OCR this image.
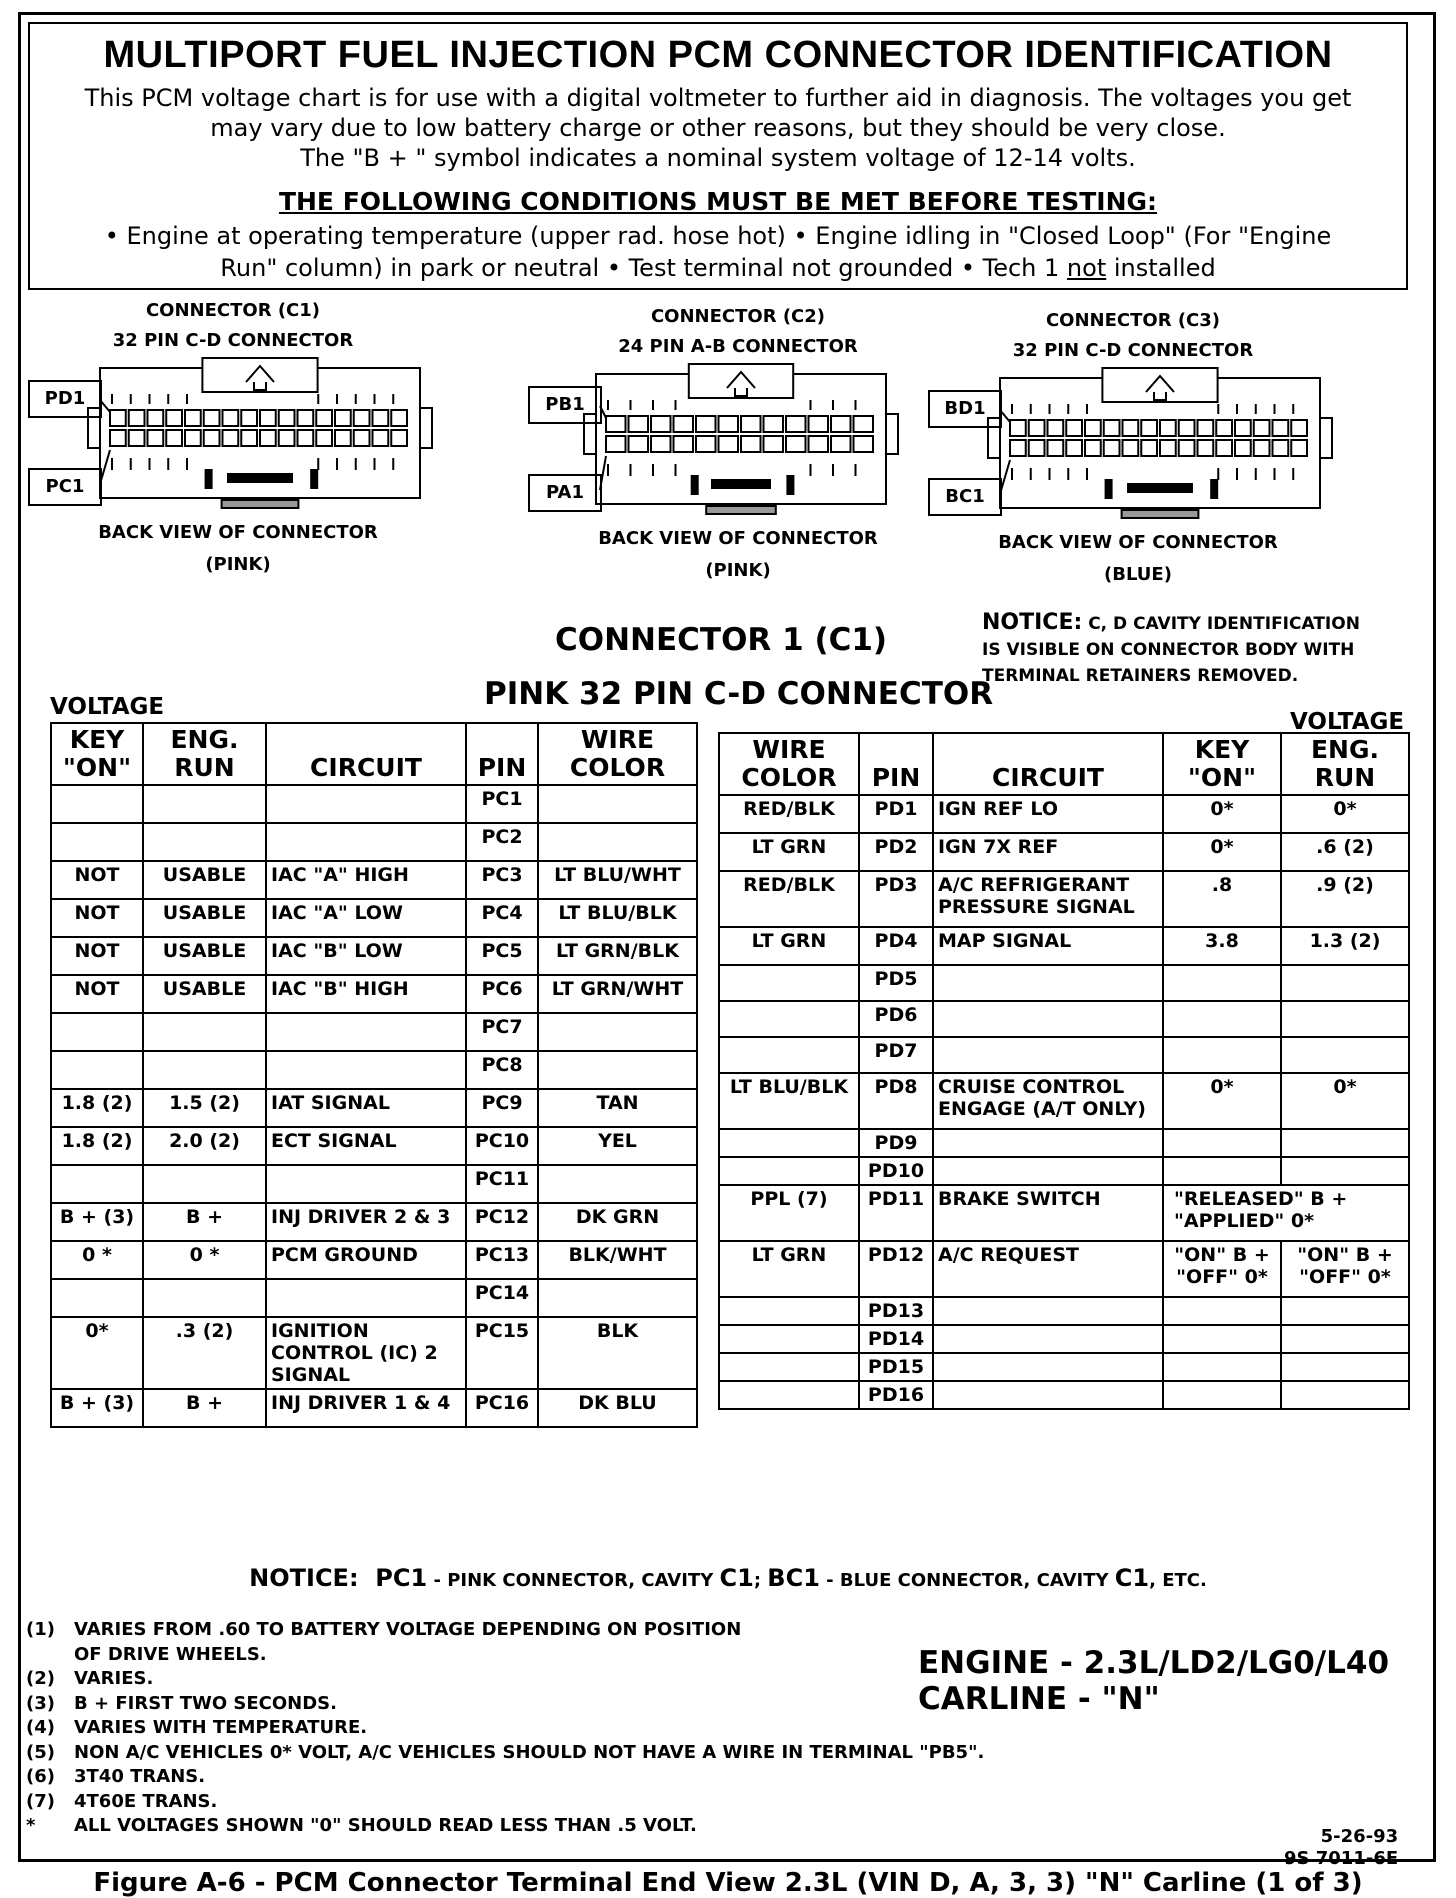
MULTIPORT FUEL INJECTION PCM CONNECTOR IDENTIFICATION
This PCM voltage chart is for use with a digital voltmeter to further aid in diagnosis. The voltages you get
may vary due to low battery charge or other reasons, but they should be very close.
The "B + " symbol indicates a nominal system voltage of 12-14 volts.
THE FOLLOWING CONDITIONS MUST BE MET BEFORE TESTING:
• Engine at operating temperature (upper rad. hose hot) • Engine idling in "Closed Loop" (For "Engine
Run" column) in park or neutral • Test terminal not grounded • Tech 1 not installed
CONNECTOR (C1)
32 PIN C-D CONNECTOR
BACK VIEW OF CONNECTOR
(PINK)
PD1
PC1
CONNECTOR (C2)
24 PIN A-B CONNECTOR
BACK VIEW OF CONNECTOR
(PINK)
PB1
PA1
CONNECTOR (C3)
32 PIN C-D CONNECTOR
BACK VIEW OF CONNECTOR
(BLUE)
BD1
BC1
CONNECTOR 1 (C1)
PINK 32 PIN C-D CONNECTOR
NOTICE: C, D CAVITY IDENTIFICATION
IS VISIBLE ON CONNECTOR BODY WITH
TERMINAL RETAINERS REMOVED.
VOLTAGE
VOLTAGE
KEY "ON"	ENG. RUN	CIRCUIT	PIN	WIRE COLOR
			PC1	
			PC2	
NOT	USABLE	IAC "A" HIGH	PC3	LT BLU/WHT
NOT	USABLE	IAC "A" LOW	PC4	LT BLU/BLK
NOT	USABLE	IAC "B" LOW	PC5	LT GRN/BLK
NOT	USABLE	IAC "B" HIGH	PC6	LT GRN/WHT
			PC7	
			PC8	
1.8 (2)	1.5 (2)	IAT SIGNAL	PC9	TAN
1.8 (2)	2.0 (2)	ECT SIGNAL	PC10	YEL
			PC11	
B + (3)	B +	INJ DRIVER 2 & 3	PC12	DK GRN
0 *	0 *	PCM GROUND	PC13	BLK/WHT
			PC14	
0*	.3 (2)	IGNITION CONTROL (IC) 2 SIGNAL	PC15	BLK
B + (3)	B +	INJ DRIVER 1 & 4	PC16	DK BLU
WIRE COLOR	PIN	CIRCUIT	KEY "ON"	ENG. RUN
RED/BLK	PD1	IGN REF LO	0*	0*
LT GRN	PD2	IGN 7X REF	0*	.6 (2)
RED/BLK	PD3	A/C REFRIGERANT PRESSURE SIGNAL	.8	.9 (2)
LT GRN	PD4	MAP SIGNAL	3.8	1.3 (2)
	PD5			
	PD6			
	PD7			
LT BLU/BLK	PD8	CRUISE CONTROL ENGAGE (A/T ONLY)	0*	0*
	PD9			
	PD10			
PPL (7)	PD11	BRAKE SWITCH	"RELEASED" B + "APPLIED" 0*	
LT GRN	PD12	A/C REQUEST	"ON" B + "OFF" 0*	"ON" B + "OFF" 0*
	PD13			
	PD14			
	PD15			
	PD16			
NOTICE: PC1 - PINK CONNECTOR, CAVITY C1; BC1 - BLUE CONNECTOR, CAVITY C1, ETC.
(1)	VARIES FROM .60 TO BATTERY VOLTAGE DEPENDING ON POSITION
OF DRIVE WHEELS.
(2)	VARIES.
(3)	B + FIRST TWO SECONDS.
(4)	VARIES WITH TEMPERATURE.
(5)	NON A/C VEHICLES 0* VOLT, A/C VEHICLES SHOULD NOT HAVE A WIRE IN TERMINAL "PB5".
(6)	3T40 TRANS.
(7)	4T60E TRANS.
*	ALL VOLTAGES SHOWN "0" SHOULD READ LESS THAN .5 VOLT.
ENGINE - 2.3L/LD2/LG0/L40
CARLINE - "N"
5-26-93
9S 7011-6E
Figure A-6 - PCM Connector Terminal End View 2.3L (VIN D, A, 3, 3) "N" Carline (1 of 3)
